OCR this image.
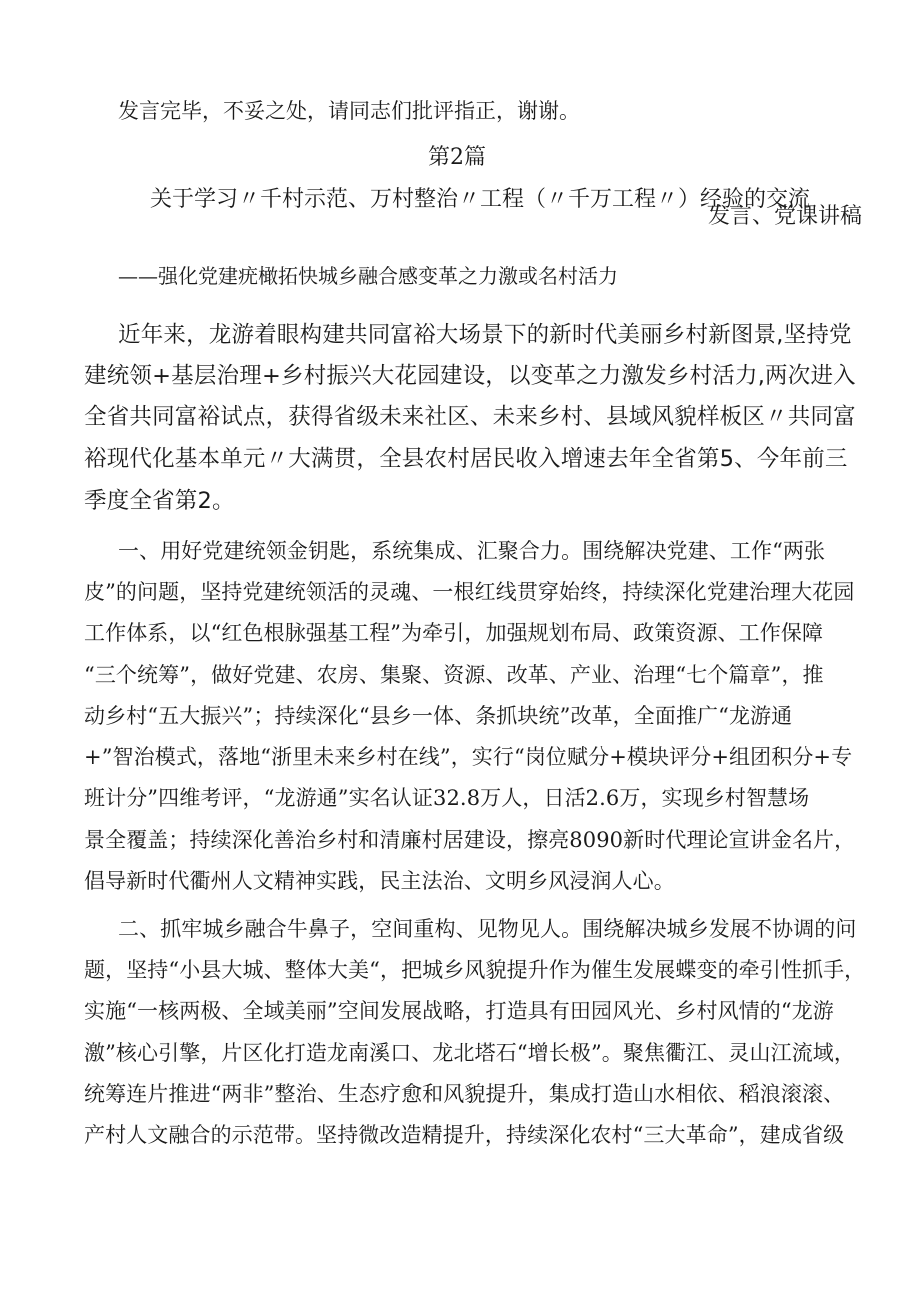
发言完毕，不妥之处，请同志们批评指正，谢谢。
第2篇
关于学习〃千村示范、万村整治〃工程（〃千万工程〃）经验的交流
发言、党课讲稿
——强化党建疣橄拓快城乡融合感变革之力激或名村活力
近年来，龙游着眼构建共同富裕大场景下的新时代美丽乡村新图景,坚持党
建统领+基层治理+乡村振兴大花园建设，以变革之力激发乡村活力,两次进入
全省共同富裕试点，获得省级未来社区、未来乡村、县域风貌样板区〃共同富
裕现代化基本单元〃大满贯，全县农村居民收入增速去年全省第5、今年前三
季度全省第2。
一、用好党建统领金钥匙，系统集成、汇聚合力。围绕解决党建、工作“两张
皮”的问题，坚持党建统领活的灵魂、一根红线贯穿始终，持续深化党建治理大花园
工作体系，以“红色根脉强基工程”为牵引，加强规划布局、政策资源、工作保障
“三个统筹”，做好党建、农房、集聚、资源、改革、产业、治理“七个篇章”，推
动乡村“五大振兴”；持续深化“县乡一体、条抓块统”改革，全面推广“龙游通
+”智治模式，落地“浙里未来乡村在线”，实行“岗位赋分+模块评分+组团积分+专
班计分”四维考评，“龙游通”实名认证32.8万人，日活2.6万，实现乡村智慧场
景全覆盖；持续深化善治乡村和清廉村居建设，擦亮8090新时代理论宣讲金名片，
倡导新时代衢州人文精神实践，民主法治、文明乡风浸润人心。
二、抓牢城乡融合牛鼻子，空间重构、见物见人。围绕解决城乡发展不协调的问
题，坚持“小县大城、整体大美“，把城乡风貌提升作为催生发展蝶变的牵引性抓手，
实施“一核两极、全域美丽”空间发展战略，打造具有田园风光、乡村风情的“龙游
激”核心引擎，片区化打造龙南溪口、龙北塔石“增长极”。聚焦衢江、灵山江流域，
统筹连片推进“两非”整治、生态疗愈和风貌提升，集成打造山水相依、稻浪滚滚、
产村人文融合的示范带。坚持微改造精提升，持续深化农村“三大革命”，建成省级
